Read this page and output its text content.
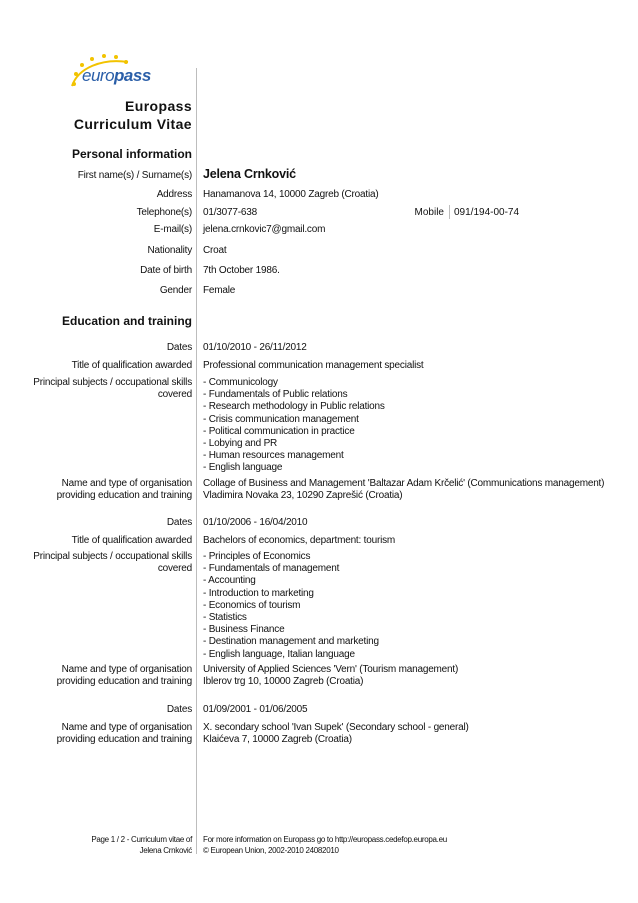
europass
Europass
Curriculum Vitae
Personal information
First name(s) / Surname(s) Jelena Crnković
Address Hanamanova 14, 10000 Zagreb (Croatia)
Telephone(s) 01/3077-638	Mobile 091/194-00-74
E-mail(s) jelena.crnkovic7@gmail.com
Nationality Croat
Date of birth 7th October 1986.
Gender Female
Education and training
Dates 01/10/2010 - 26/11/2012
Title of qualification awarded Professional communication management specialist
Principal subjects / occupational skills
covered
- Communicology
- Fundamentals of Public relations
- Research methodology in Public relations
- Crisis communication management
- Political communication in practice
- Lobying and PR
- Human resources management
- English language
Name and type of organisation
providing education and training
Collage of Business and Management 'Baltazar Adam Krčelić' (Communications management)
Vladimira Novaka 23, 10290 Zaprešić (Croatia)
Dates 01/10/2006 - 16/04/2010
Title of qualification awarded Bachelors of economics, department: tourism
Principal subjects / occupational skills
covered
- Principles of Economics
- Fundamentals of management
- Accounting
- Introduction to marketing
- Economics of tourism
- Statistics
- Business Finance
- Destination management and marketing
- English language, Italian language
Name and type of organisation
providing education and training
University of Applied Sciences 'Vern' (Tourism management)
Iblerov trg 10, 10000 Zagreb (Croatia)
Dates 01/09/2001 - 01/06/2005
Name and type of organisation
providing education and training
X. secondary school 'Ivan Supek' (Secondary school - general)
Klaićeva 7, 10000 Zagreb (Croatia)
Page 1 / 2 - Curriculum vitae of
Jelena Crnković
For more information on Europass go to http://europass.cedefop.europa.eu
© European Union, 2002-2010 24082010
